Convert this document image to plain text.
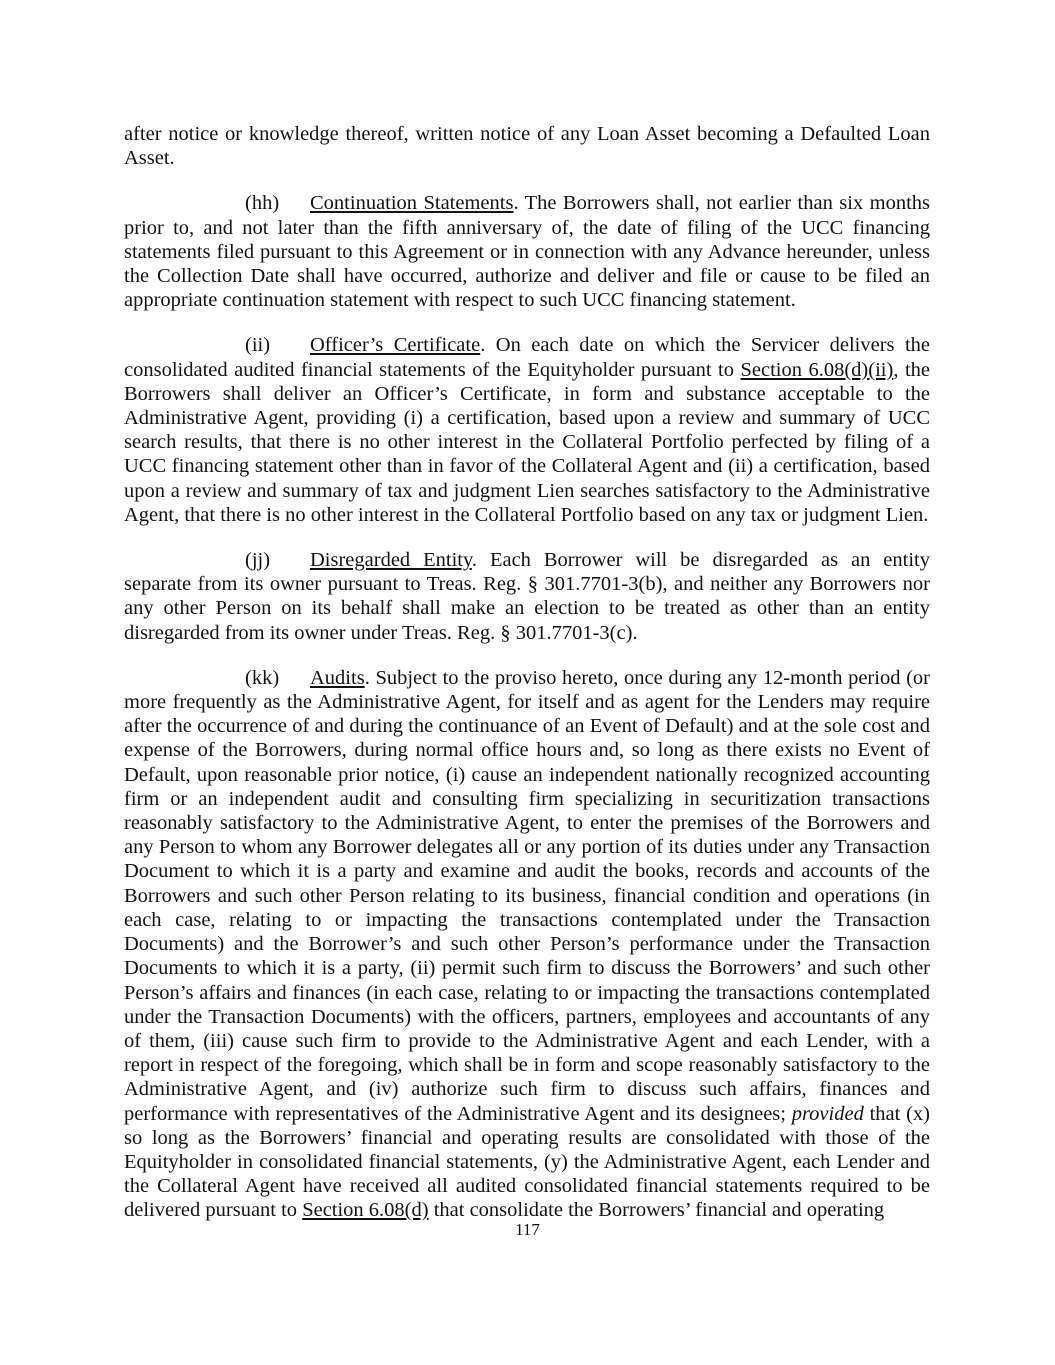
after notice or knowledge thereof, written notice of any Loan Asset becoming a Defaulted Loan Asset.

(hh) Continuation Statements. The Borrowers shall, not earlier than six months prior to, and not later than the fifth anniversary of, the date of filing of the UCC financing statements filed pursuant to this Agreement or in connection with any Advance hereunder, unless the Collection Date shall have occurred, authorize and deliver and file or cause to be filed an appropriate continuation statement with respect to such UCC financing statement.

(ii) Officer’s Certificate. On each date on which the Servicer delivers the consolidated audited financial statements of the Equityholder pursuant to Section 6.08(d)(ii), the Borrowers shall deliver an Officer’s Certificate, in form and substance acceptable to the Administrative Agent, providing (i) a certification, based upon a review and summary of UCC search results, that there is no other interest in the Collateral Portfolio perfected by filing of a UCC financing statement other than in favor of the Collateral Agent and (ii) a certification, based upon a review and summary of tax and judgment Lien searches satisfactory to the Administrative Agent, that there is no other interest in the Collateral Portfolio based on any tax or judgment Lien.

(jj) Disregarded Entity. Each Borrower will be disregarded as an entity separate from its owner pursuant to Treas. Reg. § 301.7701-3(b), and neither any Borrowers nor any other Person on its behalf shall make an election to be treated as other than an entity disregarded from its owner under Treas. Reg. § 301.7701-3(c).

(kk) Audits. Subject to the proviso hereto, once during any 12-month period (or more frequently as the Administrative Agent, for itself and as agent for the Lenders may require after the occurrence of and during the continuance of an Event of Default) and at the sole cost and expense of the Borrowers, during normal office hours and, so long as there exists no Event of Default, upon reasonable prior notice, (i) cause an independent nationally recognized accounting firm or an independent audit and consulting firm specializing in securitization transactions reasonably satisfactory to the Administrative Agent, to enter the premises of the Borrowers and any Person to whom any Borrower delegates all or any portion of its duties under any Transaction Document to which it is a party and examine and audit the books, records and accounts of the Borrowers and such other Person relating to its business, financial condition and operations (in each case, relating to or impacting the transactions contemplated under the Transaction Documents) and the Borrower’s and such other Person’s performance under the Transaction Documents to which it is a party, (ii) permit such firm to discuss the Borrowers’ and such other Person’s affairs and finances (in each case, relating to or impacting the transactions contemplated under the Transaction Documents) with the officers, partners, employees and accountants of any of them, (iii) cause such firm to provide to the Administrative Agent and each Lender, with a report in respect of the foregoing, which shall be in form and scope reasonably satisfactory to the Administrative Agent, and (iv) authorize such firm to discuss such affairs, finances and performance with representatives of the Administrative Agent and its designees; provided that (x) so long as the Borrowers’ financial and operating results are consolidated with those of the Equityholder in consolidated financial statements, (y) the Administrative Agent, each Lender and the Collateral Agent have received all audited consolidated financial statements required to be delivered pursuant to Section 6.08(d) that consolidate the Borrowers’ financial and operating

117
